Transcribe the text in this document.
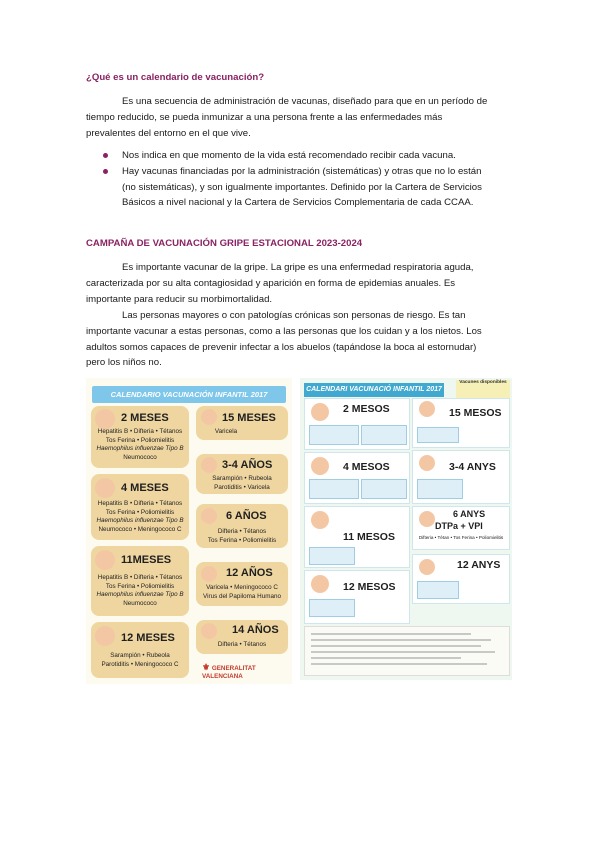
¿Qué es un calendario de vacunación?
Es una secuencia de administración de vacunas, diseñado para que en un período de
tiempo reducido, se pueda inmunizar a una persona frente a las enfermedades más
prevalentes del entorno en el que vive.
Nos indica en que momento de la vida está recomendado recibir cada vacuna.
Hay vacunas financiadas por la administración (sistemáticas) y otras que no lo están
(no sistemáticas), y son igualmente importantes. Definido por la Cartera de Servicios
Básicos a nivel nacional y la Cartera de Servicios Complementaria de cada CCAA.
CAMPAÑA DE VACUNACIÓN GRIPE ESTACIONAL 2023-2024
Es importante vacunar de la gripe. La gripe es una enfermedad respiratoria aguda,
caracterizada por su alta contagiosidad y aparición en forma de epidemias anuales. Es
importante para reducir su morbimortalidad.
Las personas mayores o con patologías crónicas son personas de riesgo. Es tan
importante vacunar a estas personas, como a las personas que los cuidan y a los nietos. Los
adultos somos capaces de prevenir infectar a los abuelos (tapándose la boca al estornudar)
pero los niños no.
CALENDARIO VACUNACIÓN INFANTIL 2017
2 MESES
Hepatitis B • Difteria • Tétanos
Tos Ferina • Poliomielitis
Haemophilus influenzae Tipo B
Neumococo
4 MESES
Hepatitis B • Difteria • Tétanos
Tos Ferina • Poliomielitis
Haemophilus influenzae Tipo B
Neumococo • Meningococo C
11MESES
Hepatitis B • Difteria • Tétanos
Tos Ferina • Poliomielitis
Haemophilus influenzae Tipo B
Neumococo
12 MESES
Sarampión • Rubeola
Parotiditis • Meningococo C
15 MESES
Varicela
3-4 AÑOS
Sarampión • Rubeola
Parotiditis • Varicela
6 AÑOS
Difteria • Tétanos
Tos Ferina • Poliomielitis
12 AÑOS
Varicela • Meningococo C
Virus del Papiloma Humano
14 AÑOS
Difteria • Tétanos
⚜ GENERALITAT VALENCIANA
CALENDARI VACUNACIÓ INFANTIL 2017
Vacunes disponibles
2 MESOS
4 MESOS
11 MESOS
12 MESOS
15 MESOS
3-4 ANYS
6 ANYS
DTPa + VPI
Difteria • Tètan • Tos Ferina • Poliomielitis
12 ANYS
